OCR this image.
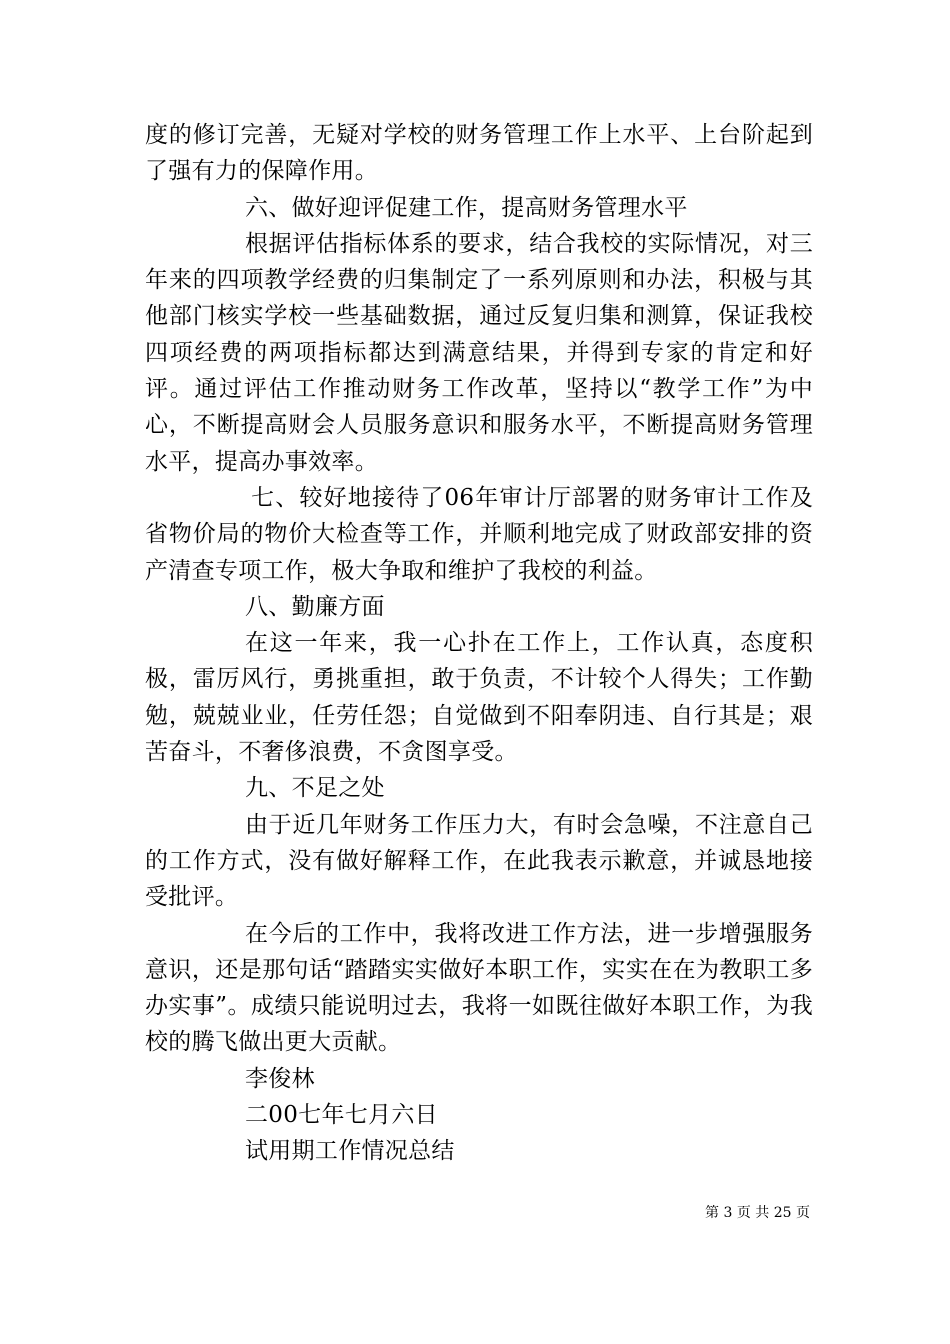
度的修订完善，无疑对学校的财务管理工作上水平、上台阶起到了强有力的保障作用。

六、做好迎评促建工作，提高财务管理水平

根据评估指标体系的要求，结合我校的实际情况，对三年来的四项教学经费的归集制定了一系列原则和办法，积极与其他部门核实学校一些基础数据，通过反复归集和测算，保证我校四项经费的两项指标都达到满意结果，并得到专家的肯定和好评。通过评估工作推动财务工作改革，坚持以“教学工作”为中心，不断提高财会人员服务意识和服务水平，不断提高财务管理水平，提高办事效率。

七、较好地接待了06年审计厅部署的财务审计工作及省物价局的物价大检查等工作，并顺利地完成了财政部安排的资产清查专项工作，极大争取和维护了我校的利益。

八、勤廉方面

在这一年来，我一心扑在工作上，工作认真，态度积极，雷厉风行，勇挑重担，敢于负责，不计较个人得失；工作勤勉，兢兢业业，任劳任怨；自觉做到不阳奉阴违、自行其是；艰苦奋斗，不奢侈浪费，不贪图享受。

九、不足之处

由于近几年财务工作压力大，有时会急噪，不注意自己的工作方式，没有做好解释工作，在此我表示歉意，并诚恳地接受批评。

在今后的工作中，我将改进工作方法，进一步增强服务意识，还是那句话“踏踏实实做好本职工作，实实在在为教职工多办实事”。成绩只能说明过去，我将一如既往做好本职工作，为我校的腾飞做出更大贡献。

李俊林

二00七年七月六日

试用期工作情况总结

第 3 页 共 25 页
